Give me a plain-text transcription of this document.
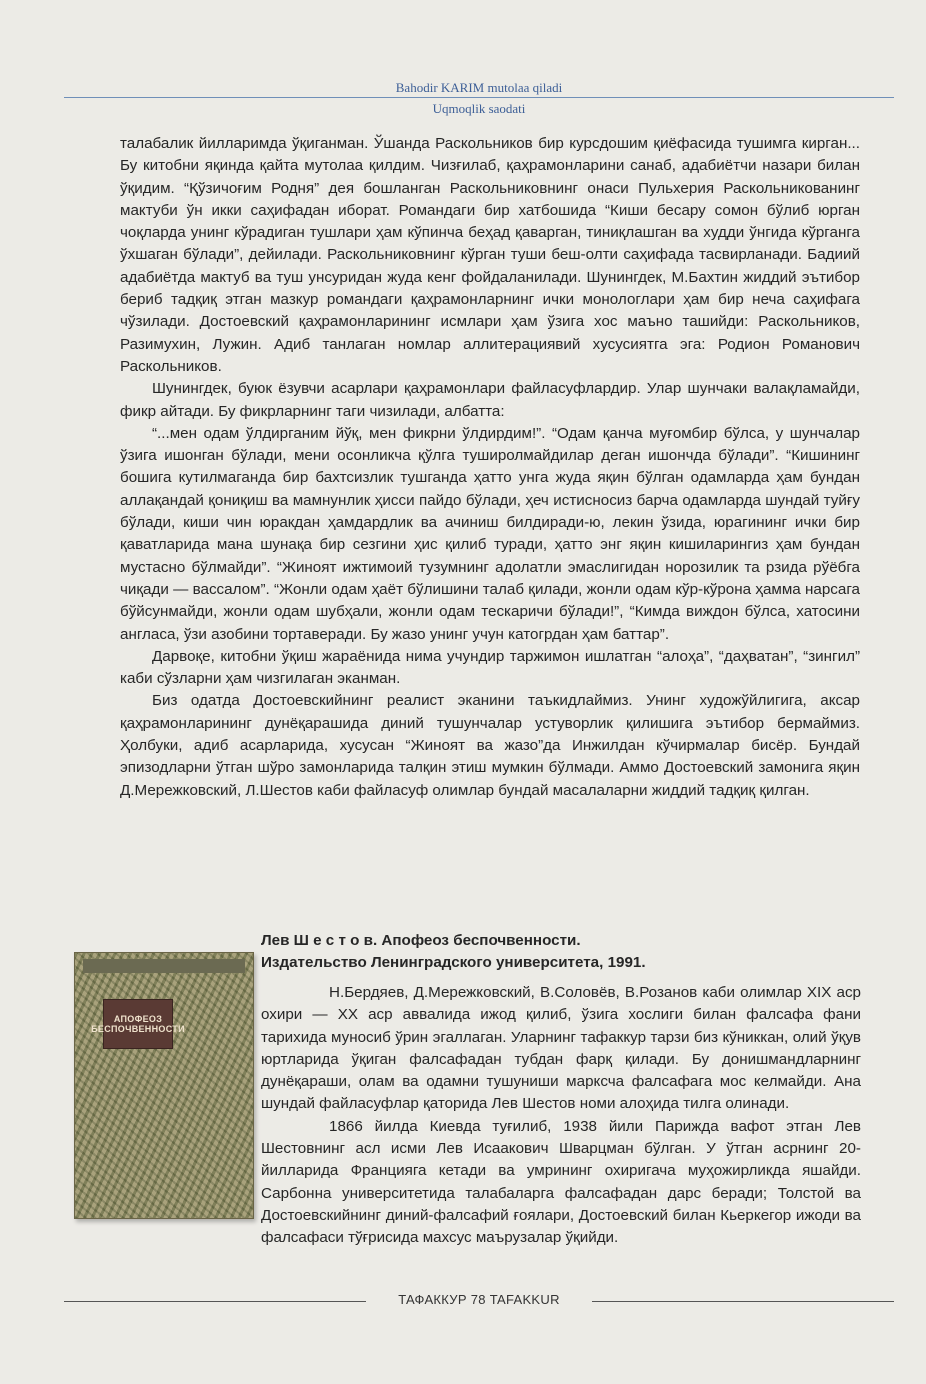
Bahodir KARIM mutolaa qiladi
Uqmoqlik saodati

талабалик йилларимда ўқиганман. Ўшанда Раскольников бир курсдошим қиёфасида тушимга кирган... Бу китобни яқинда қайта мутолаа қилдим. Чизғилаб, қаҳрамонларини санаб, адабиётчи назари билан ўқидим. “Қўзичоғим Родня” дея бошланган Раскольниковнинг онаси Пульхерия Раскольникованинг мактуби ўн икки саҳифадан иборат. Романдаги бир хатбошида “Киши бесару сомон бўлиб юрган чоқларда унинг кўрадиган тушлари ҳам кўпинча беҳад қаварган, тиниқлашган ва худди ўнгида кўрганга ўхшаган бўлади”, дейилади. Раскольниковнинг кўрган туши беш-олти саҳифада тасвирланади. Бадиий адабиётда мактуб ва туш унсуридан жуда кенг фойдаланилади. Шунингдек, М.Бахтин жиддий эътибор бериб тадқиқ этган мазкур романдаги қаҳрамонларнинг ички монологлари ҳам бир неча саҳифага чўзилади. Достоевский қаҳрамонларининг исмлари ҳам ўзига хос маъно ташийди: Раскольников, Разимухин, Лужин. Адиб танлаган номлар аллитерациявий хусусиятга эга: Родион Романович Раскольников.

Шунингдек, буюк ёзувчи асарлари қаҳрамонлари файласуфлардир. Улар шунчаки валақламайди, фикр айтади. Бу фикрларнинг таги чизилади, албатта:

“...мен одам ўлдирганим йўқ, мен фикрни ўлдирдим!”. “Одам қанча муғомбир бўлса, у шунчалар ўзига ишонган бўлади, мени осонликча қўлга туширолмайдилар деган ишончда бўлади”. “Кишининг бошига кутилмаганда бир бахтсизлик тушганда ҳатто унга жуда яқин бўлган одамларда ҳам бундан аллақандай қониқиш ва мамнунлик ҳисси пайдо бўлади, ҳеч истисносиз барча одамларда шундай туйғу бўлади, киши чин юракдан ҳамдардлик ва ачиниш билдиради-ю, лекин ўзида, юрагининг ички бир қаватларида мана шунақа бир сезгини ҳис қилиб туради, ҳатто энг яқин кишиларингиз ҳам бундан мустасно бўлмайди”. “Жиноят ижтимоий тузумнинг адолатли эмаслигидан норозилик та рзида рўёбга чиқади — вассалом”. “Жонли одам ҳаёт бўлишини талаб қилади, жонли одам кўр-кўрона ҳамма нарсага бўйсунмайди, жонли одам шубҳали, жонли одам тескаричи бўлади!”, “Кимда виждон бўлса, хатосини англаса, ўзи азобини тортаверади. Бу жазо унинг учун катогрдан ҳам баттар”.

Дарвоқе, китобни ўқиш жараёнида нима учундир таржимон ишлатган “алоҳа”, “даҳватан”, “зингил” каби сўзларни ҳам чизгилаган эканман.

Биз одатда Достоевскийнинг реалист эканини таъкидлаймиз. Унинг художўйлигига, аксар қаҳрамонларининг дунёқарашида диний тушунчалар устуворлик қилишига эътибор бермаймиз. Ҳолбуки, адиб асарларида, хусусан “Жиноят ва жазо”да Инжилдан кўчирмалар бисёр. Бундай эпизодларни ўтган шўро замонларида талқин этиш мумкин бўлмади. Аммо Достоевский замонига яқин Д.Мережковский, Л.Шестов каби файласуф олимлар бундай масалаларни жиддий тадқиқ қилган.

АПОФЕОЗ
БЕСПОЧВЕННОСТИ
Лев Ш е с т о в. Апофеоз беспочвенности.
Издательство Ленинградского университета, 1991.

Н.Бердяев, Д.Мережковский, В.Соловёв, В.Розанов каби олимлар XIX аср охири — XX аср аввалида ижод қилиб, ўзига хослиги билан фалсафа фани тарихида муносиб ўрин эгаллаган. Уларнинг тафаккур тарзи биз кўниккан, олий ўқув юртларида ўқиган фалсафадан тубдан фарқ қилади. Бу донишмандларнинг дунёқараши, олам ва одамни тушуниши марксча фалсафага мос келмайди. Ана шундай файласуфлар қаторида Лев Шестов номи алоҳида тилга олинади.

1866 йилда Киевда туғилиб, 1938 йили Парижда вафот этган Лев Шестовнинг асл исми Лев Исаакович Шварцман бўлган. У ўтган асрнинг 20-йилларида Францияга кетади ва умрининг охиригача муҳожирликда яшайди. Сарбонна университетида талабаларга фалсафадан дарс беради; Толстой ва Достоевскийнинг диний-фалсафий ғоялари, Достоевский билан Кьеркегор ижоди ва фалсафаси тўғрисида махсус маърузалар ўқийди.

ТАФАККУР 78 TAFAKKUR
